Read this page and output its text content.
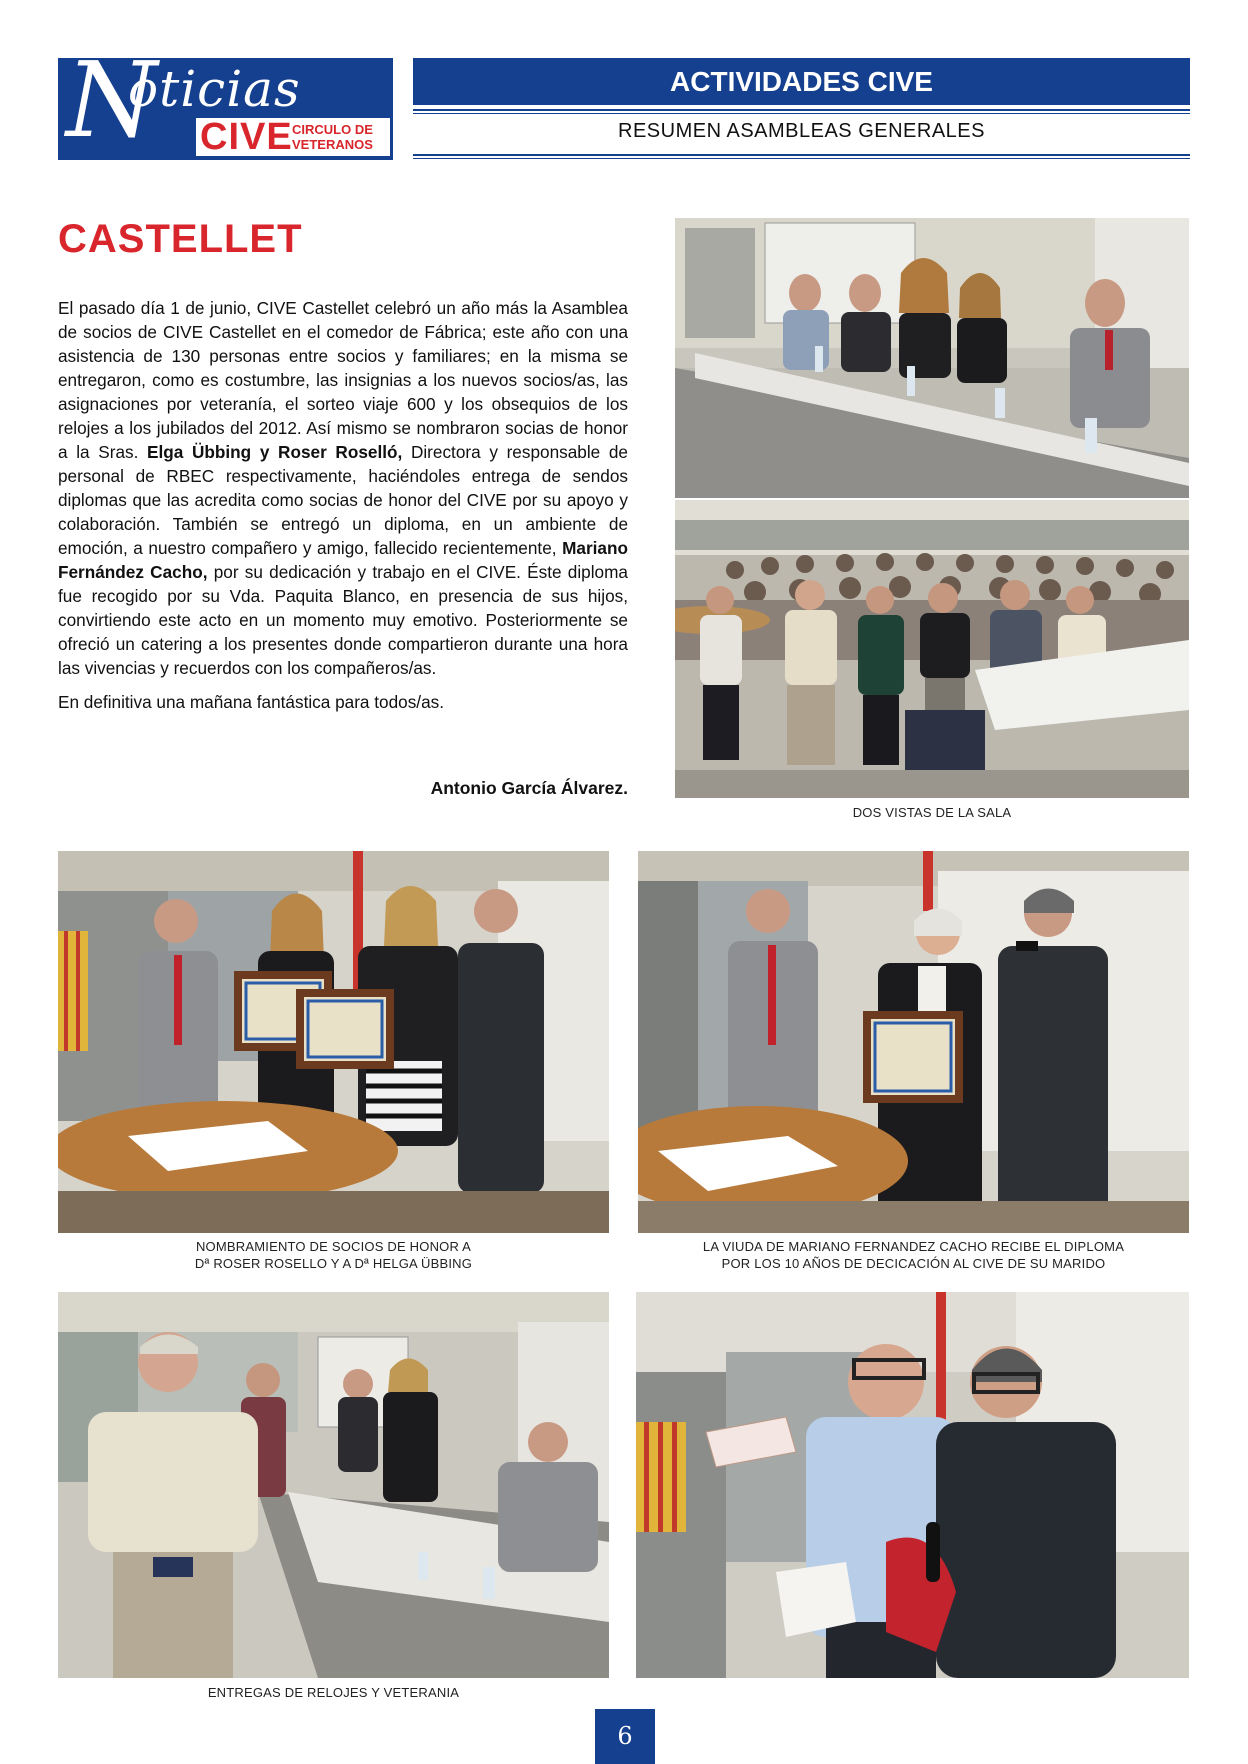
N
oticias
CIVE CIRCULO DE
VETERANOS
ACTIVIDADES CIVE
RESUMEN ASAMBLEAS GENERALES
CASTELLET

El pasado día 1 de junio, CIVE Castellet celebró un año más la Asamblea de socios de CIVE Castellet en el comedor de Fábrica; este año con una asistencia de 130 personas entre socios y familiares; en la misma se entregaron, como es costumbre, las insignias a los nuevos socios/as, las asignaciones por veteranía, el sorteo viaje 600 y los obsequios de los relojes a los jubilados del 2012. Así mismo se nombraron socias de honor a la Sras. Elga Übbing y Roser Roselló, Directora y responsable de personal de RBEC respectivamente, haciéndoles entrega de sendos diplomas que las acredita como socias de honor del CIVE por su apoyo y colaboración. También se entregó un diploma, en un ambiente de emoción, a nuestro compañero y amigo, fallecido recientemente, Mariano Fernández Cacho, por su dedicación y trabajo en el CIVE. Éste diploma fue recogido por su Vda. Paquita Blanco, en presencia de sus hijos, convirtiendo este acto en un momento muy emotivo. Posteriormente se ofreció un catering a los presentes donde compartieron durante una hora las vivencias y recuerdos con los compañeros/as.

En definitiva una mañana fantástica para todos/as.

Antonio García Álvarez.
DOS VISTAS DE LA SALA
NOMBRAMIENTO DE SOCIOS DE HONOR A
Dª ROSER ROSELLO Y A Dª HELGA ÜBBING
LA VIUDA DE MARIANO FERNANDEZ CACHO RECIBE EL DIPLOMA
POR LOS 10 AÑOS DE DECICACIÓN AL CIVE DE SU MARIDO
ENTREGAS DE RELOJES Y VETERANIA
6
